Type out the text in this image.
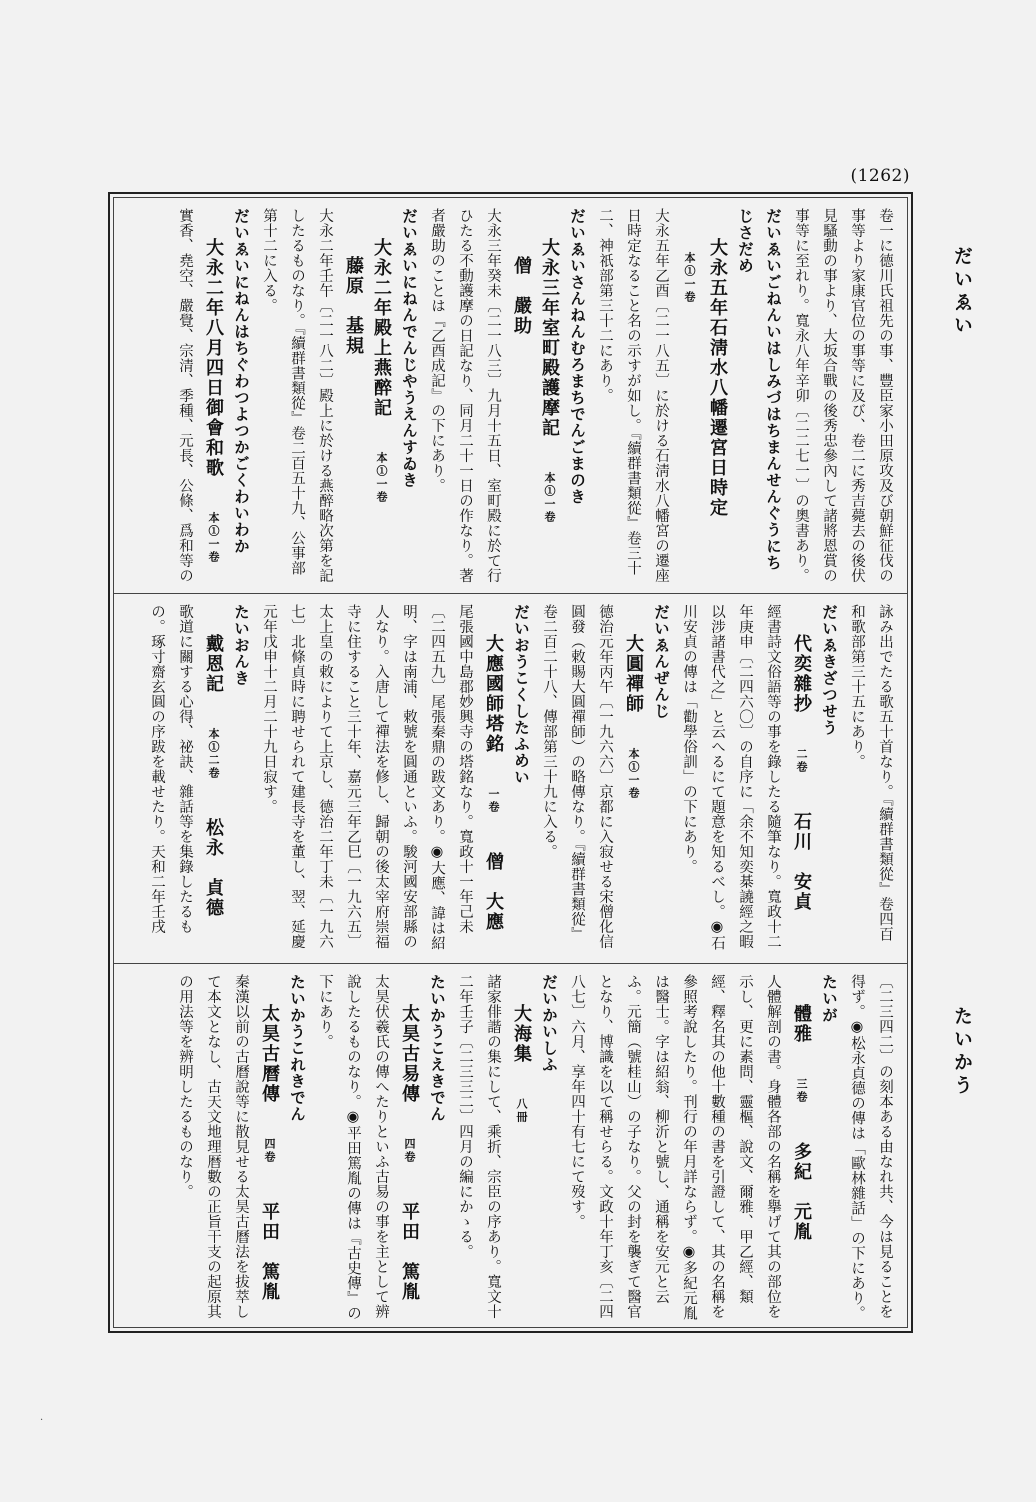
(1262)
だいゑい
たいかう
卷一に德川氏祖先の事、豐臣家小田原攻及び朝鮮征伐の事等より家康官位の事等に及び、卷二に秀吉薨去の後伏見騷動の事より、大坂合戰の後秀忠參內して諸將恩賞の事等に至れり。寬永八年辛卯〔二二七一〕の奧書あり。
だいゑいごねんいはしみづはちまんせんぐうにちじさだめ
大永五年石淸水八幡遷宮日時定　本①一卷
大永五年乙酉〔二一八五〕に於ける石淸水八幡宮の遷座日時定なること名の示すが如し。『續群書類從』卷三十二、神祇部第三十二にあり。
だいゑいさんねんむろまちでんごまのき
大永三年室町殿護摩記　本①一卷　僧　嚴助
大永三年癸未〔二一八三〕九月十五日、室町殿に於て行ひたる不動護摩の日記なり、同月二十一日の作なり。著者嚴助のことは『乙酉成記』の下にあり。
だいゑいにねんでんじやうえんすゐき
大永二年殿上燕醉記　本①一卷　藤原　基規
大永二年壬午〔二一八二〕殿上に於ける燕醉略次第を記したるものなり。『續群書類從』卷二百五十九、公事部第十二に入る。
だいゑいにねんはちぐわつよつかごくわいわか
大永二年八月四日御會和歌　本①一卷
實香、堯空、嚴覺、宗清、季種、元長、公條、爲和等の
詠み出でたる歌五十首なり。『續群書類從』卷四百和歌部第三十五にあり。
だいゑきざつせう
代奕雜抄　二卷　石川　安貞
經書詩文俗語等の事を錄したる隨筆なり。寬政十二年庚申〔二四六〇〕の自序に「余不知奕棊譊經之暇以涉諸書代之」と云へるにて題意を知るべし。◉石川安貞の傳は「勸學俗訓」の下にあり。
だいゑんぜんじ
大圓禪師　本①一卷
德治元年丙午〔一九六六〕京都に入寂せる宋僧化信圓發（敕賜大圓禪師）の略傳なり。『續群書類從』卷二百二十八、傳部第三十九に入る。
だいおうこくしたふめい
大應國師塔銘　一卷　僧　大應
尾張國中島郡妙興寺の塔銘なり。寬政十一年己未〔二四五九〕尾張秦鼎の跋文あり。◉大應、諱は紹明、字は南浦、敕號を圓通といふ。駿河國安部縣の人なり。入唐して禪法を修し、歸朝の後太宰府崇福寺に住すること三十年、嘉元三年乙巳〔一九六五〕太上皇の敕によりて上京し、德治二年丁未〔一九六七〕北條貞時に聘せられて建長寺を董し、翌、延慶元年戊申十二月二十九日寂す。
たいおんき
戴恩記　本①二卷　松永　貞德
歌道に關する心得、祕訣、雜話等を集錄したるもの。琢寸齋玄圓の序跋を載せたり。天和二年壬戌
〔二三四二〕の刻本ある由なれ共、今は見ることを得ず。◉松永貞德の傳は「歐林雜話」の下にあり。
たいが
體雅　三卷　多紀　元胤
人體解剖の書。身體各部の名稱を擧げて其の部位を示し、更に素問、靈樞、說文、爾雅、甲乙經、類經、釋名其の他十數種の書を引證して、其の名稱を參照考說したり。刊行の年月詳ならず。◉多紀元胤は醫士。字は紹翁、柳沂と號し、通稱を安元と云ふ。元簡（號桂山）の子なり。父の封を襲ぎて醫官となり、博識を以て稱せらる。文政十年丁亥〔二四八七〕六月、享年四十有七にて歿す。
だいかいしふ
大海集　八冊
諸家俳諧の集にして、乘折、宗臣の序あり。寬文十二年壬子〔二三三二〕四月の編にかゝる。
たいかうこえきでん
太昊古易傳　四卷　平田　篤胤
太昊伏羲氏の傳へたりといふ古易の事を主として辨說したるものなり。◉平田篤胤の傳は『古史傳』の下にあり。
たいかうこれきでん
太昊古曆傳　四卷　平田　篤胤
秦漢以前の古曆說等に散見せる太昊古曆法を拔萃して本文となし、古天文地理暦數の正旨干支の起原其の用法等を辨明したるものなり。
·
